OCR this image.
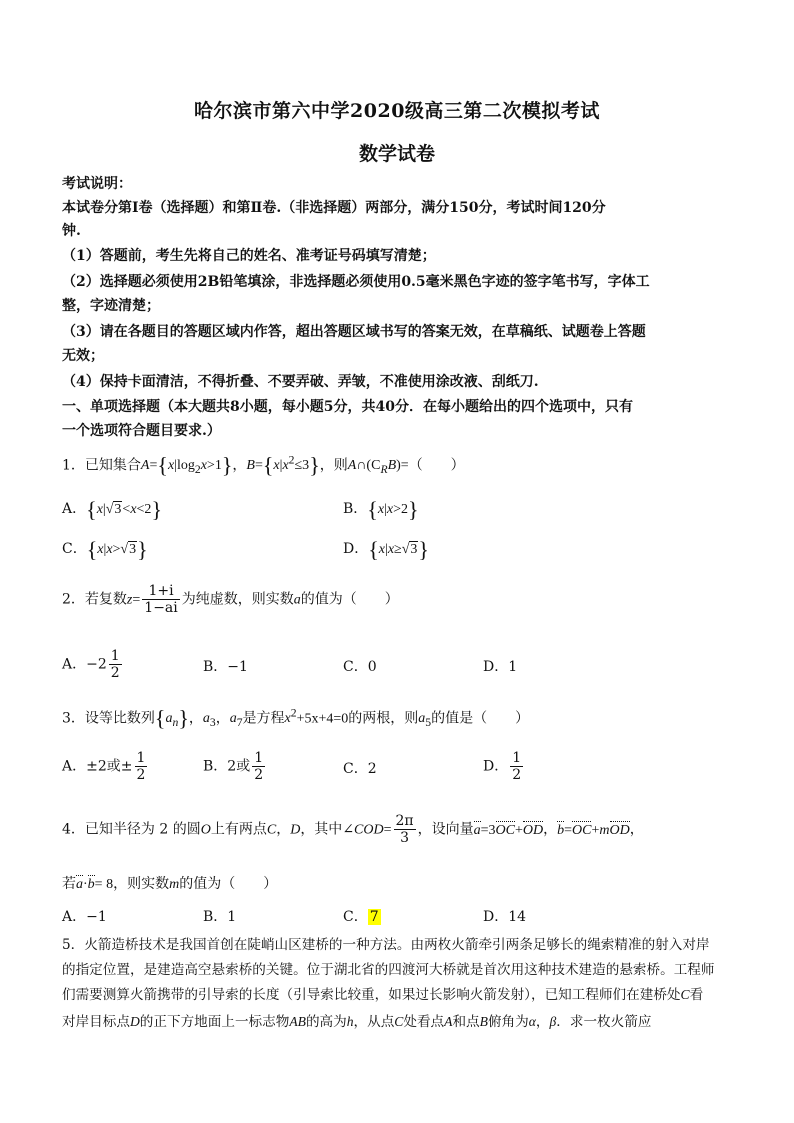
哈尔滨市第六中学2020级高三第二次模拟考试
数学试卷
考试说明：
本试卷分第Ⅰ卷（选择题）和第Ⅱ卷.（非选择题）两部分，满分150分，考试时间120分
钟.
（1）答题前，考生先将自己的姓名、准考证号码填写清楚；
（2）选择题必须使用2B铅笔填涂，非选择题必须使用0.5毫米黑色字迹的签字笔书写，字体工
整，字迹清楚；
（3）请在各题目的答题区域内作答，超出答题区域书写的答案无效，在草稿纸、试题卷上答题
无效；
（4）保持卡面清洁，不得折叠、不要弄破、弄皱，不准使用涂改液、刮纸刀.
一、单项选择题（本大题共8小题，每小题5分，共40分．在每小题给出的四个选项中，只有
一个选项符合题目要求.）
1．已知集合$A=\{x|\log_2x>1\}$，$B=\{x|x^2\le 3\}$，则$A\cap(C_RB)=$（　　）
A．{x|√3<x<2}	B．{x|x>2}
C．{x|x>√3}	D．{x|x≥√3}
2．若复数$z= \frac{1+i}{1-ai}$ 为纯虚数，则实数a的值为（　　）
A．$-2 \frac{1}{2}$	B．−1	C．0	D．1
3．设等比数列$\{a_n\}$，$a_3$，$a_7$是方程$x^2+5x+4=0$的两根，则$a_5$的值是（　　）
A．±2或± $\frac{1}{2}$	B．2或 $\frac{1}{2}$	C．2	D． $\frac{1}{2}$
4．已知半径为 2 的圆O上有两点C，D，其中∠COD= $\frac{2\pi}{3}$ ，设向量a=3OC+OD，b=OC+mOD，
若a·b= 8，则实数m的值为（　　）
A．−1	B．1	C． 7	D．14
5．火箭造桥技术是我国首创在陡峭山区建桥的一种方法。由两枚火箭牵引两条足够长的绳索精准的射入对岸
的指定位置，是建造高空悬索桥的关键。位于湖北省的四渡河大桥就是首次用这种技术建造的悬索桥。工程师
们需要测算火箭携带的引导索的长度（引导索比较重，如果过长影响火箭发射），已知工程师们在建桥处C看
对岸目标点D的正下方地面上一标志物AB的高为h，从点C处看点A和点B俯角为α，β．求一枚火箭应
